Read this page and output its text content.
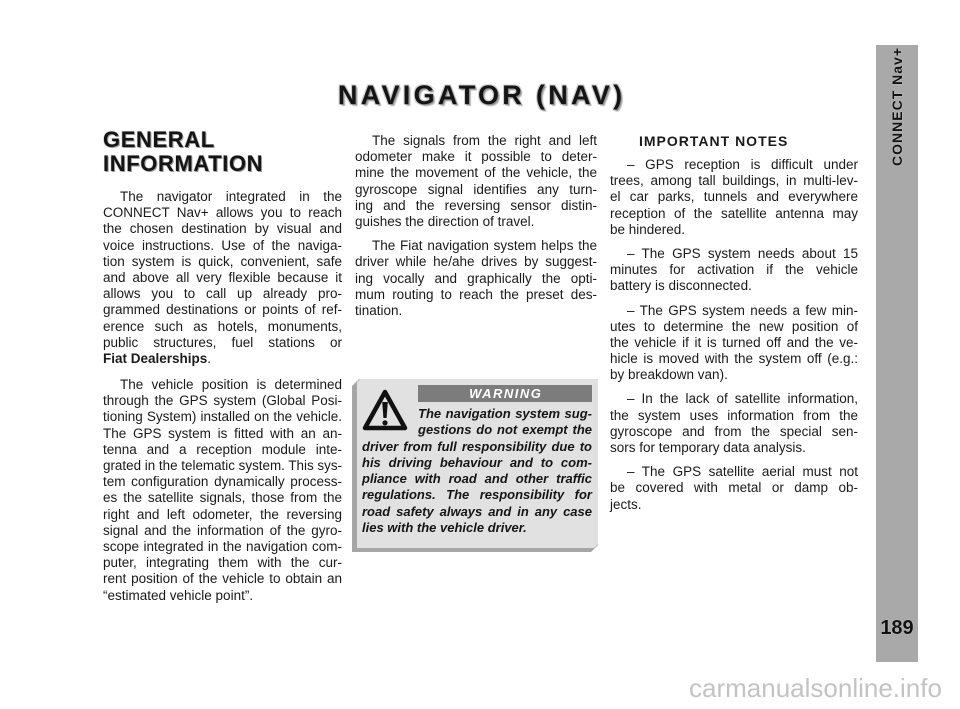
NAVIGATOR (NAV)
GENERAL
INFORMATION
The navigator integrated in the
CONNECT Nav+ allows you to reach
the chosen destination by visual and
voice instructions. Use of the naviga-
tion system is quick, convenient, safe
and above all very flexible because it
allows you to call up already pro-
grammed destinations or points of ref-
erence such as hotels, monuments,
public structures, fuel stations or
Fiat Dealerships.
The vehicle position is determined
through the GPS system (Global Posi-
tioning System) installed on the vehicle.
The GPS system is fitted with an an-
tenna and a reception module inte-
grated in the telematic system. This sys-
tem configuration dynamically process-
es the satellite signals, those from the
right and left odometer, the reversing
signal and the information of the gyro-
scope integrated in the navigation com-
puter, integrating them with the cur-
rent position of the vehicle to obtain an
“estimated vehicle point”.
The signals from the right and left
odometer make it possible to deter-
mine the movement of the vehicle, the
gyroscope signal identifies any turn-
ing and the reversing sensor distin-
guishes the direction of travel.
The Fiat navigation system helps the
driver while he/ahe drives by suggest-
ing vocally and graphically the opti-
mum routing to reach the preset des-
tination.
WARNING
The navigation system sug-
gestions do not exempt the
driver from full responsibility due to
his driving behaviour and to com-
pliance with road and other traffic
regulations. The responsibility for
road safety always and in any case
lies with the vehicle driver.
IMPORTANT NOTES
– GPS reception is difficult under
trees, among tall buildings, in multi-lev-
el car parks, tunnels and everywhere
reception of the satellite antenna may
be hindered.
– The GPS system needs about 15
minutes for activation if the vehicle
battery is disconnected.
– The GPS system needs a few min-
utes to determine the new position of
the vehicle if it is turned off and the ve-
hicle is moved with the system off (e.g.:
by breakdown van).
– In the lack of satellite information,
the system uses information from the
gyroscope and from the special sen-
sors for temporary data analysis.
– The GPS satellite aerial must not
be covered with metal or damp ob-
jects.
CONNECT Nav+
189
carmanualsonline.info
